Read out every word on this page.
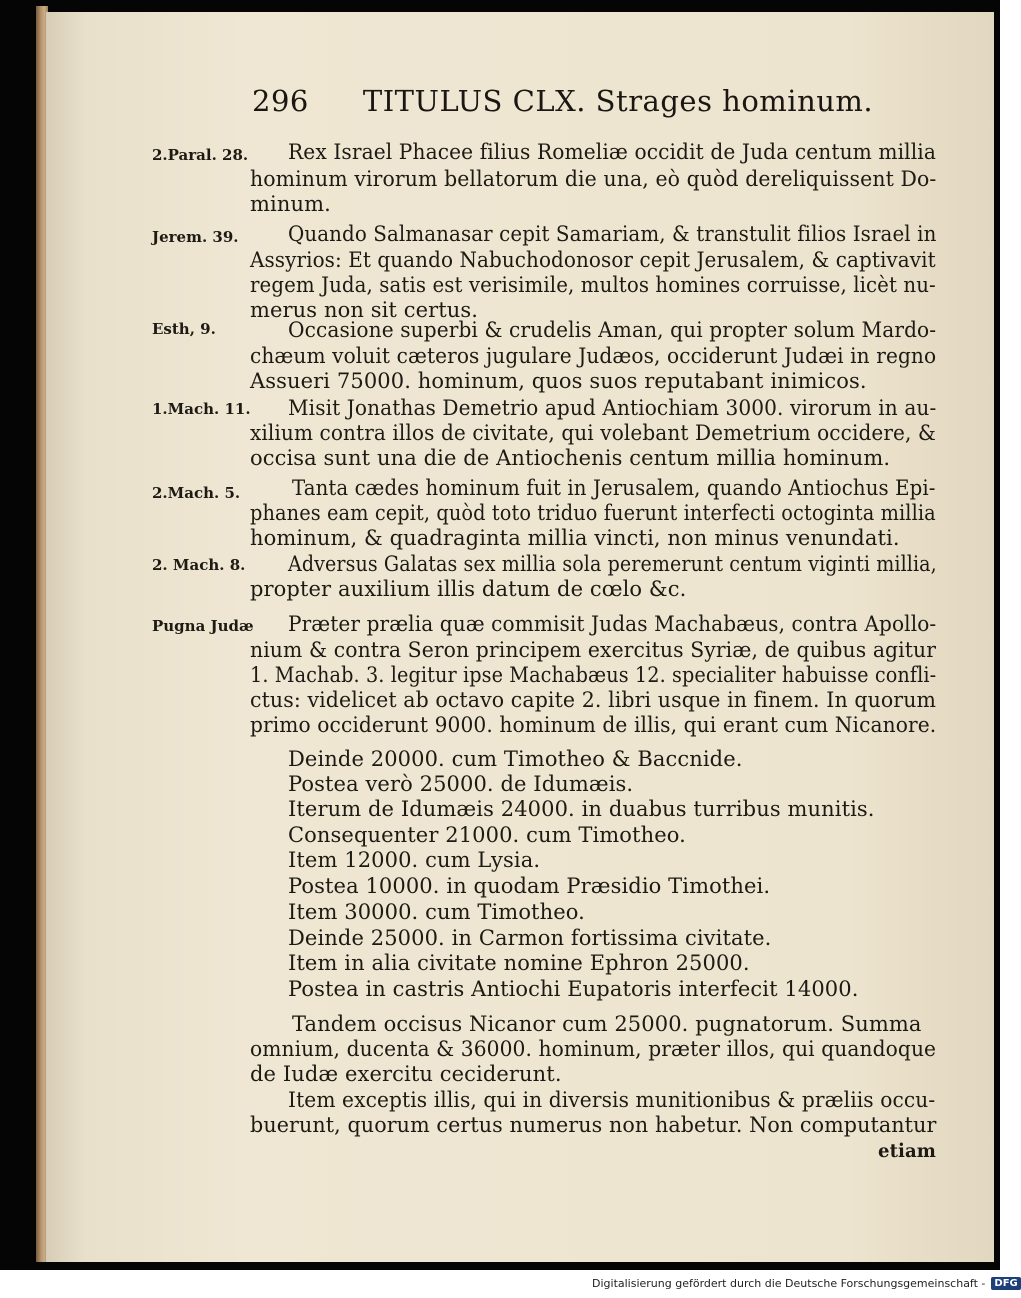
296 TITULUS CLX. Strages hominum.
2.Paral. 28.
Jerem. 39.
Esth, 9.
1.Mach. 11.
2.Mach. 5.
2. Mach. 8.
Pugna Judæ
Rex Israel Phacee filius Romeliæ occidit de Juda centum millia
hominum virorum bellatorum die una, eò quòd dereliquissent Do-
minum.
Quando Salmanasar cepit Samariam, & transtulit filios Israel in
Assyrios: Et quando Nabuchodonosor cepit Jerusalem, & captivavit
regem Juda, satis est verisimile, multos homines corruisse, licèt nu-
merus non sit certus.
Occasione superbi & crudelis Aman, qui propter solum Mardo-
chæum voluit cæteros jugulare Judæos, occiderunt Judæi in regno
Assueri 75000. hominum, quos suos reputabant inimicos.
Misit Jonathas Demetrio apud Antiochiam 3000. virorum in au-
xilium contra illos de civitate, qui volebant Demetrium occidere, &
occisa sunt una die de Antiochenis centum millia hominum.
Tanta cædes hominum fuit in Jerusalem, quando Antiochus Epi-
phanes eam cepit, quòd toto triduo fuerunt interfecti octoginta millia
hominum, & quadraginta millia vincti, non minus venundati.
Adversus Galatas sex millia sola peremerunt centum viginti millia,
propter auxilium illis datum de cœlo &c.
Præter prælia quæ commisit Judas Machabæus, contra Apollo-
nium & contra Seron principem exercitus Syriæ, de quibus agitur
1. Machab. 3. legitur ipse Machabæus 12. specialiter habuisse confli-
ctus: videlicet ab octavo capite 2. libri usque in finem. In quorum
primo occiderunt 9000. hominum de illis, qui erant cum Nicanore.
Deinde 20000. cum Timotheo & Baccnide.
Postea verò 25000. de Idumæis.
Iterum de Idumæis 24000. in duabus turribus munitis.
Consequenter 21000. cum Timotheo.
Item 12000. cum Lysia.
Postea 10000. in quodam Præsidio Timothei.
Item 30000. cum Timotheo.
Deinde 25000. in Carmon fortissima civitate.
Item in alia civitate nomine Ephron 25000.
Postea in castris Antiochi Eupatoris interfecit 14000.
Tandem occisus Nicanor cum 25000. pugnatorum. Summa
omnium, ducenta & 36000. hominum, præter illos, qui quandoque
de Iudæ exercitu ceciderunt.
Item exceptis illis, qui in diversis munitionibus & præliis occu-
buerunt, quorum certus numerus non habetur. Non computantur
etiam
Digitalisierung gefördert durch die Deutsche Forschungsgemeinschaft - DFG
